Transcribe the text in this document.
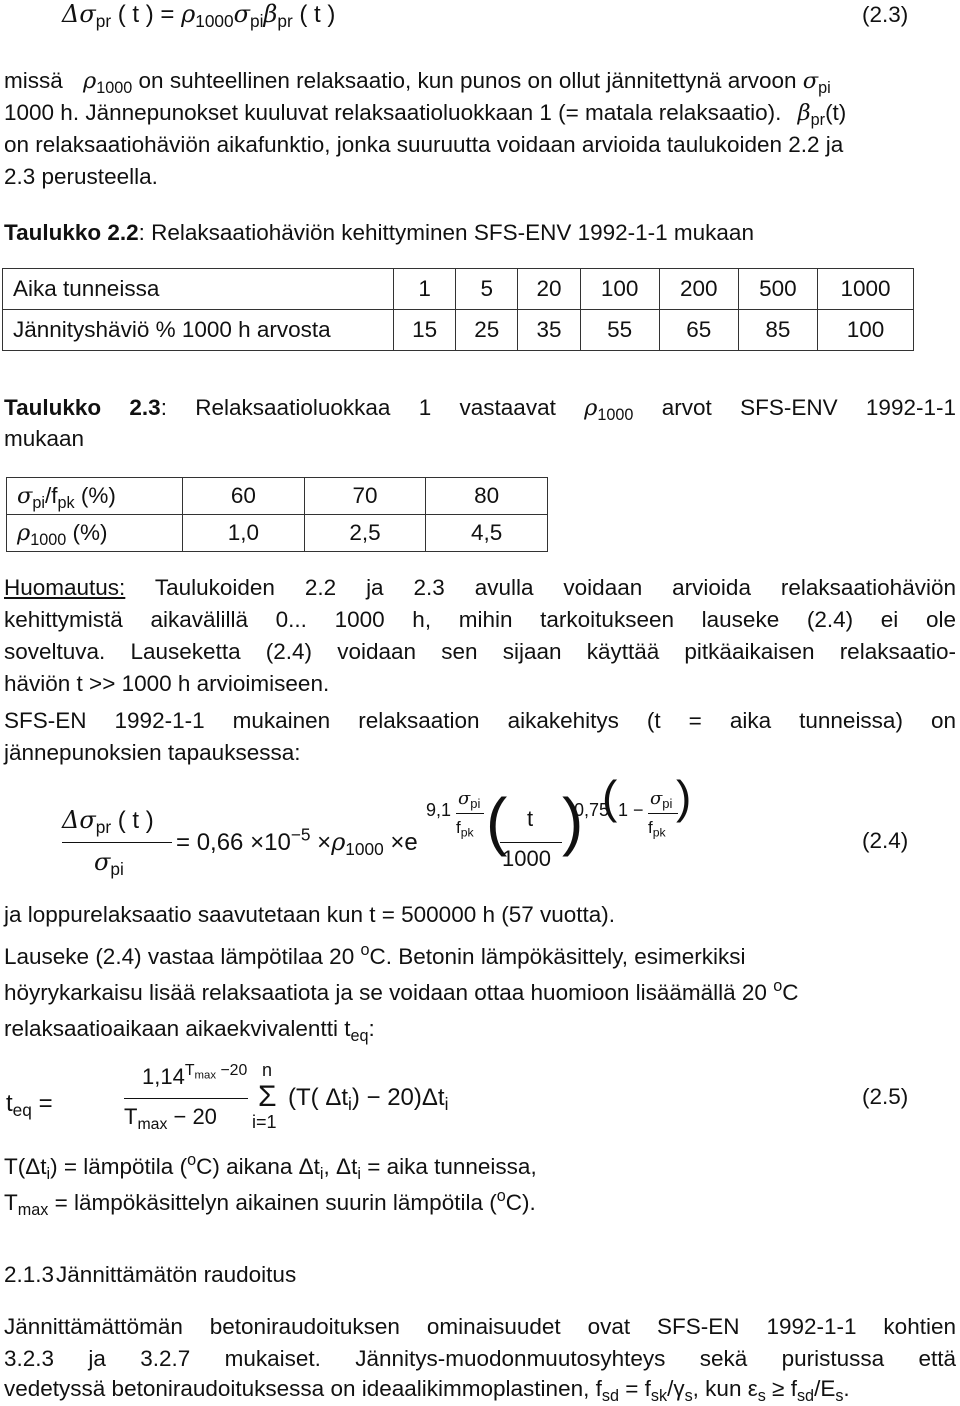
$\Delta\sigma_{pr}$ ( t ) = $\rho_{1000}\sigma_{pi}\beta_{pr}$ ( t )	(2.3)
missä $\rho_{1000}$ on suhteellinen relaksaatio, kun punos on ollut jännitettynä arvoon $\sigma_{pi}$
1000 h. Jännepunokset kuuluvat relaksaatioluokkaan 1 (= matala relaksaatio). $\beta_{pr}(t)$
on relaksaatiohäviön aikafunktio, jonka suuruutta voidaan arvioida taulukoiden 2.2 ja
2.3 perusteella.
Taulukko 2.2: Relaksaatiohäviön kehittyminen SFS-ENV 1992-1-1 mukaan
Aika tunneissa	1	5	20	100	200	500	1000
Jännityshäviö % 1000 h arvosta	15	25	35	55	65	85	100
Taulukko 2.3: Relaksaatioluokkaa 1 vastaavat $\rho_{1000}$ arvot SFS-ENV 1992-1-1
mukaan
$\sigma_{pi}/f_{pk}$ (%)	60	70	80
$\rho_{1000}$ (%)	1,0	2,5	4,5
Huomautus: Taulukoiden 2.2 ja 2.3 avulla voidaan arvioida relaksaatiohäviön
kehittymistä aikavälillä 0... 1000 h, mihin tarkoitukseen lauseke (2.4) ei ole
soveltuva. Lauseketta (2.4) voidaan sen sijaan käyttää pitkäaikaisen relaksaatio-
häviön t >> 1000 h arvioimiseen.
SFS-EN 1992-1-1 mukainen relaksaation aikakehitys (t = aika tunneissa) on
jännepunoksien tapauksessa:
$\Delta\sigma_{pr}$ ( t )
$\sigma_{pi}$
= $0,66 \times 10^{-5} \times\rho_{1000} \times e$
9,1
$\sigma_{pi}$
$f_{pk}$ ( t
1000
)
0,75
( 1 −
$\sigma_{pi}$
$f_{pk}$
)
(2.4)
ja loppurelaksaatio saavutetaan kun t = 500000 h (57 vuotta).
Lauseke (2.4) vastaa lämpötilaa 20 $^o$C. Betonin lämpökäsittely, esimerkiksi
höyrykarkaisu lisää relaksaatiota ja se voidaan ottaa huomioon lisäämällä 20 $^o$C
relaksaatioaikaan aikaekvivalentti $t_{eq}$:
$t_{eq}$ =
$1,14^{T_{max} -20}$
$T_{max} - 20$
n
Σ
i=1
(T( $\Delta t_i) - 20)\Delta t_i$	(2.5)
$T(\Delta t_i)$ = lämpötila ($^o$C) aikana $\Delta t_i$, $\Delta t_i$ = aika tunneissa,
$T_{max}$ = lämpökäsittelyn aikainen suurin lämpötila ($^o$C).
2.1.3Jännittämätön raudoitus
Jännittämättömän betoniraudoituksen ominaisuudet ovat SFS-EN 1992-1-1 kohtien
3.2.3 ja 3.2.7 mukaiset. Jännitys-muodonmuutosyhteys sekä puristussa että
vedetyssä betoniraudoituksessa on ideaalikimmoplastinen, $f_{sd} = f_{sk}/\gamma_s$, kun $\varepsilon_s \ge f_{sd}/E_s$.
